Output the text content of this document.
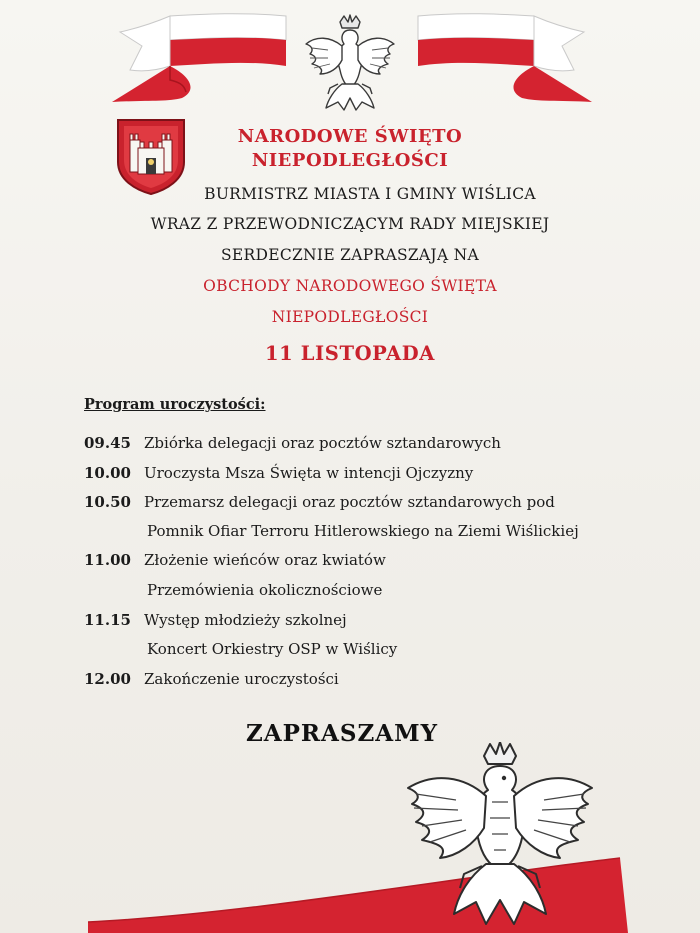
NARODOWE ŚWIĘTO
NIEPODLEGŁOŚCI
BURMISTRZ MIASTA I GMINY WIŚLICA
WRAZ Z PRZEWODNICZĄCYM RADY MIEJSKIEJ
SERDECZNIE ZAPRASZAJĄ NA
OBCHODY NARODOWEGO ŚWIĘTA
NIEPODLEGŁOŚCI
11 LISTOPADA
Program uroczystości:
09.45 Zbiórka delegacji oraz pocztów sztandarowych
10.00 Uroczysta Msza Święta w intencji Ojczyzny
10.50 Przemarsz delegacji oraz pocztów sztandarowych pod
Pomnik Ofiar Terroru Hitlerowskiego na Ziemi Wiślickiej
11.00 Złożenie wieńców oraz kwiatów
Przemówienia okolicznościowe
11.15 Występ młodzieży szkolnej
Koncert Orkiestry OSP w Wiślicy
12.00 Zakończenie uroczystości
ZAPRASZAMY
